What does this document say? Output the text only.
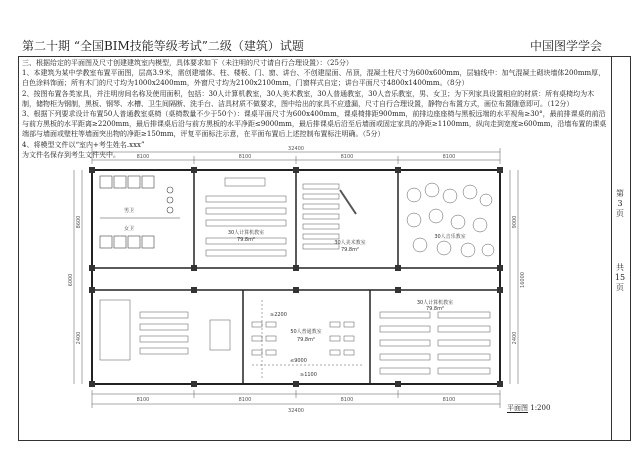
第二十期 “全国BIM技能等级考试”二级（建筑）试题	中国图学学会
第
3
页
共
15
页
三、根据给定的平面图及尺寸创建建筑室内模型，具体要求如下（未注明的尺寸请自行合理设置）：（25分）
1、本建筑为某中学教室布置平面图，层高3.9米，需创建墙体、柱、楼板、门、窗、讲台、不创建屋面、吊顶，混凝土柱尺寸为600x600mm，层轴线中：加气混凝土砌块墙体200mm厚，白色涂料饰面；所有木门的尺寸均为1000x2400mm，外窗尺寸均为2100x2100mm，门窗样式自定；讲台平面尺寸4800x1400mm。（8分）
2、按图布置各类家具，并注明房间名称及使用面积，包括：30人计算机教室，30人美术教室，30人普通教室，30人音乐教室，男、女卫；为下列家具设置相应的材质：所有桌椅均为木制，储物柜为钢制，黑板、钢琴、水槽、卫生间隔断、洗手台、洁具材质不做要求，图中给出的家具不应遗漏，尺寸自行合理设置，静物台布置方式，画位布置随意即可。（12分）
3、根据下列要求设计布置50人普通教室桌椅（桌椅数量不少于50个）：课桌平面尺寸为600x400mm，课桌椅排距900mm，前排边座座椅与黑板远端的水平视角≥30°，最前排课桌的前沿与前方黑板的水平距离≥2200mm，最后排课桌后沿与前方黑板的水平净距≤9000mm，最后排课桌后沿至后墙面或固定家具的净距≥1100mm，纵向走到宽度≥600mm，沿墙布置的课桌端部与墙面或壁柱等墙面突出物的净距≥150mm，评复平面标注示意，在平面布置后上述控制布置标注明确。（5分）
4、将模型文件以“室内+考生姓名.xxx”
为文件名保存到考生文件夹中。
32400
8100	8100	8100	8100
男卫
女卫
30人计算机教室
79.8m²	30人美术教室
79.8m²
30人音乐教室
50人普通教室
79.8m²
≤9000
≥2200
≥1100
30人计算机教室
79.8m²
8600
6000
2400
9000
16000
2400
8100	8100	8100	8100
32400	平面图 1:200
